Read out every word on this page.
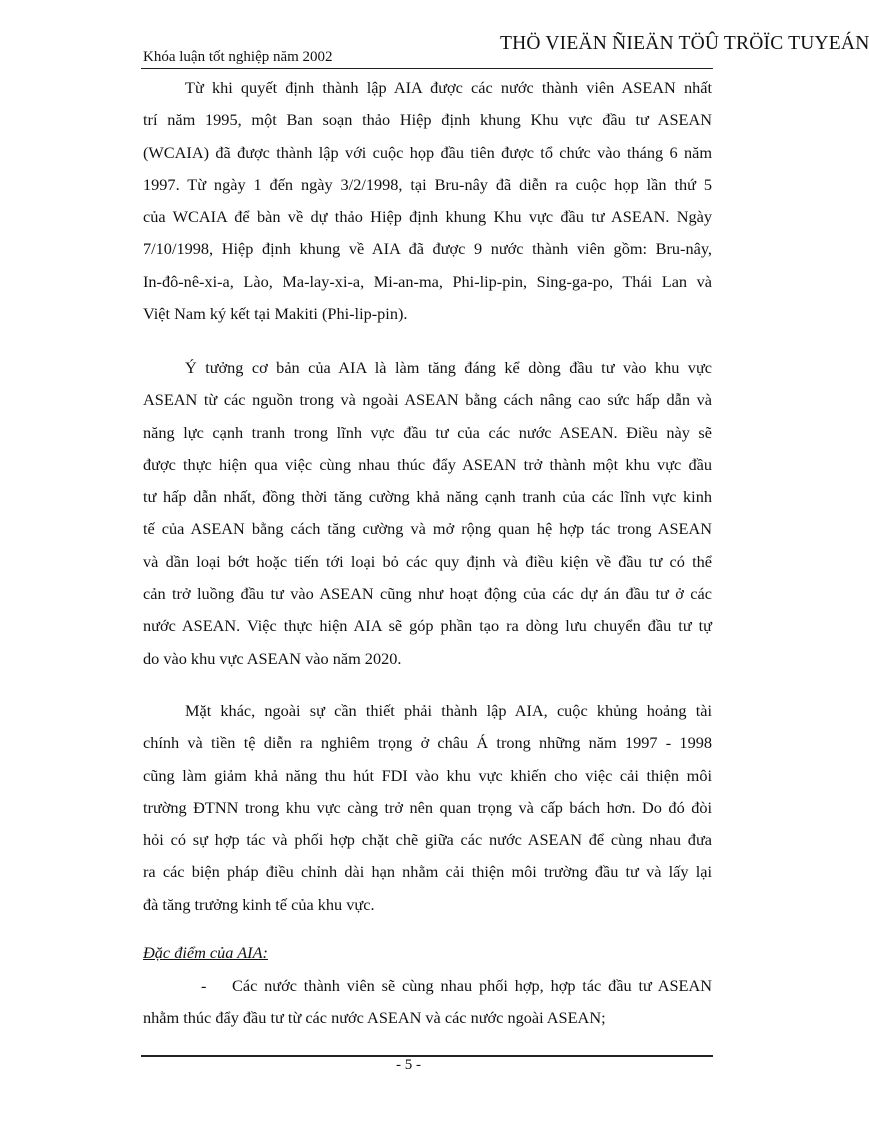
Khóa luận tốt nghiệp năm 2002
THÖ VIEÄN ÑIEÄN TÖÛ TRÖÏC TUYEÁN
Từ khi quyết định thành lập AIA được các nước thành viên ASEAN nhất
trí năm 1995, một Ban soạn thảo Hiệp định khung Khu vực đầu tư ASEAN
(WCAIA) đã được thành lập với cuộc họp đầu tiên được tổ chức vào tháng 6 năm
1997. Từ ngày 1 đến ngày 3/2/1998, tại Bru-nây đã diễn ra cuộc họp lần thứ 5
của WCAIA để bàn về dự thảo Hiệp định khung Khu vực đầu tư ASEAN. Ngày
7/10/1998, Hiệp định khung về AIA đã được 9 nước thành viên gồm: Bru-nây,
In-đô-nê-xi-a, Lào, Ma-lay-xi-a, Mi-an-ma, Phi-lip-pin, Sing-ga-po, Thái Lan và
Việt Nam ký kết tại Makiti (Phi-lip-pin).
Ý tưởng cơ bản của AIA là làm tăng đáng kể dòng đầu tư vào khu vực
ASEAN từ các nguồn trong và ngoài ASEAN bằng cách nâng cao sức hấp dẫn và
năng lực cạnh tranh trong lĩnh vực đầu tư của các nước ASEAN. Điều này sẽ
được thực hiện qua việc cùng nhau thúc đẩy ASEAN trở thành một khu vực đầu
tư hấp dẫn nhất, đồng thời tăng cường khả năng cạnh tranh của các lĩnh vực kinh
tế của ASEAN bằng cách tăng cường và mở rộng quan hệ hợp tác trong ASEAN
và dần loại bớt hoặc tiến tới loại bỏ các quy định và điều kiện về đầu tư có thể
cản trở luồng đầu tư vào ASEAN cũng như hoạt động của các dự án đầu tư ở các
nước ASEAN. Việc thực hiện AIA sẽ góp phần tạo ra dòng lưu chuyển đầu tư tự
do vào khu vực ASEAN vào năm 2020.
Mặt khác, ngoài sự cần thiết phải thành lập AIA, cuộc khủng hoảng tài
chính và tiền tệ diễn ra nghiêm trọng ở châu Á trong những năm 1997 - 1998
cũng làm giảm khả năng thu hút FDI vào khu vực khiến cho việc cải thiện môi
trường ĐTNN trong khu vực càng trở nên quan trọng và cấp bách hơn. Do đó đòi
hỏi có sự hợp tác và phối hợp chặt chẽ giữa các nước ASEAN để cùng nhau đưa
ra các biện pháp điều chỉnh dài hạn nhằm cải thiện môi trường đầu tư và lấy lại
đà tăng trưởng kinh tế của khu vực.
Đặc điểm của AIA:
- Các nước thành viên sẽ cùng nhau phối hợp, hợp tác đầu tư ASEAN
nhằm thúc đẩy đầu tư từ các nước ASEAN và các nước ngoài ASEAN;
- 5 -
